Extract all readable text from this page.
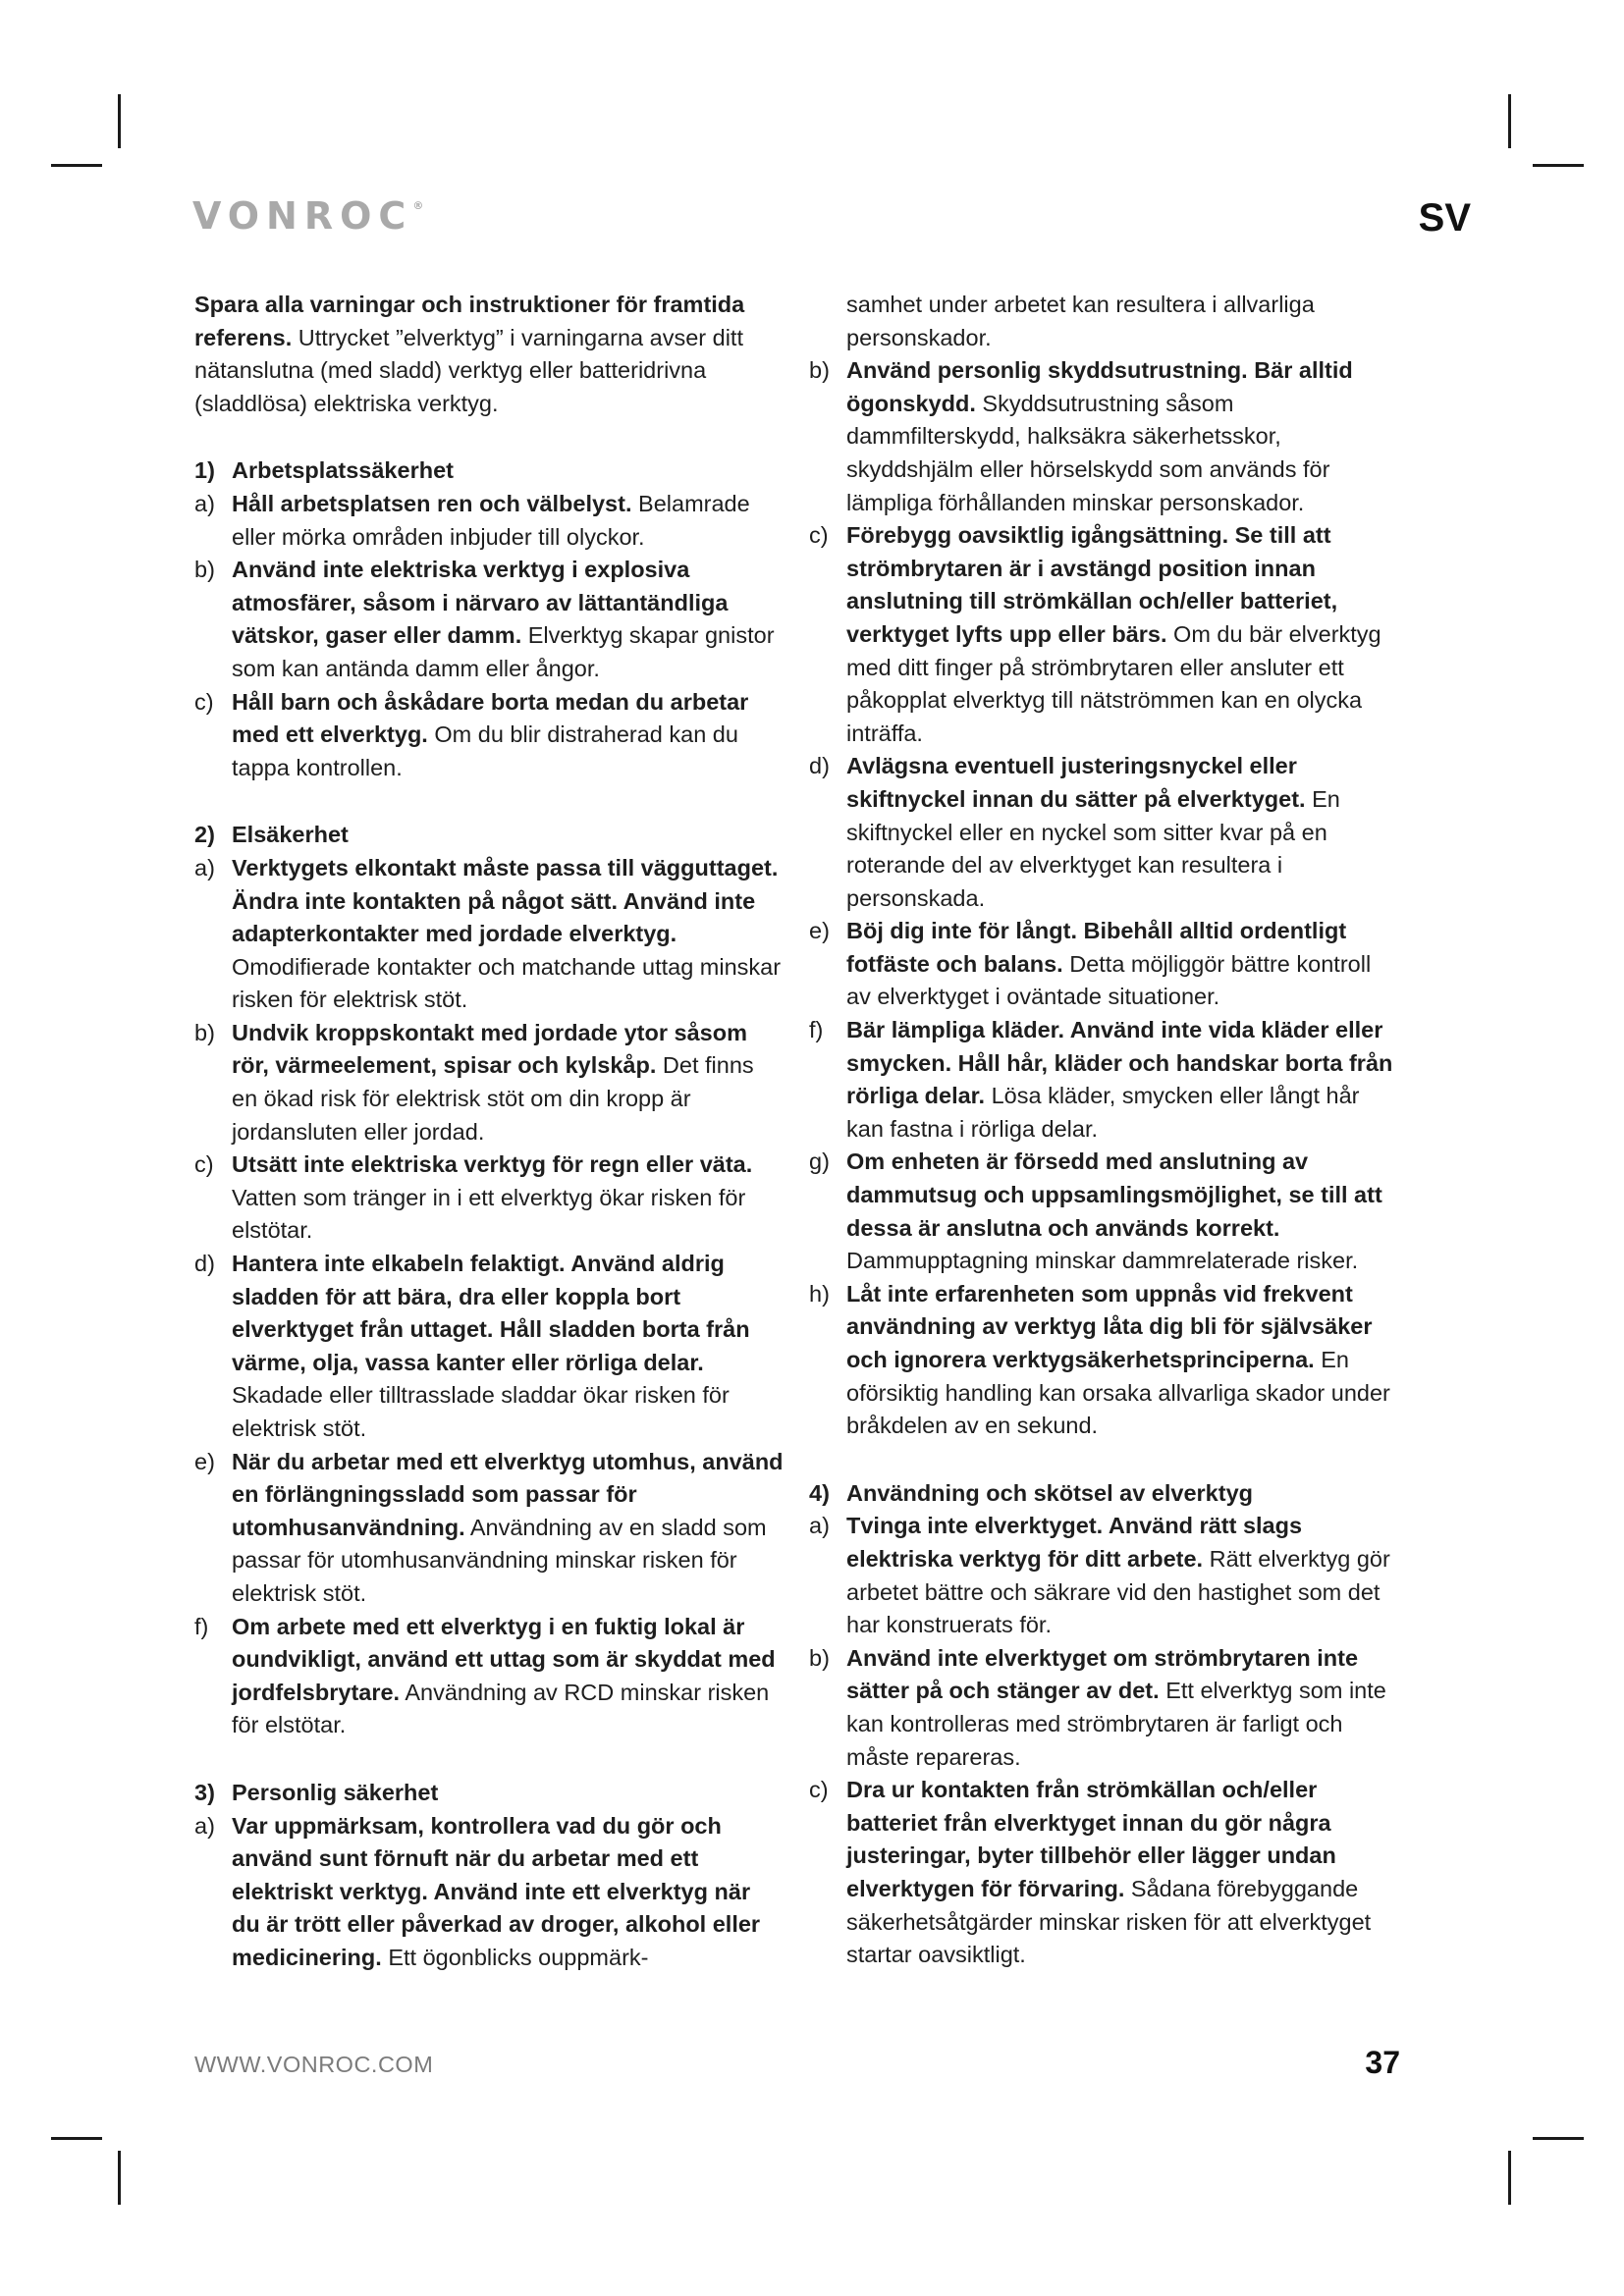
VONROC®	SV

Spara alla varningar och instruktioner för framtida referens. Uttrycket ”elverktyg” i varningarna avser ditt nätanslutna (med sladd) verktyg eller batteridrivna (sladdlösa) elektriska verktyg.

1) Arbetsplatssäkerhet
a) Håll arbetsplatsen ren och välbelyst. Belamrade eller mörka områden inbjuder till olyckor.
b) Använd inte elektriska verktyg i explosiva atmosfärer, såsom i närvaro av lättantändliga vätskor, gaser eller damm. Elverktyg skapar gnistor som kan antända damm eller ångor.
c) Håll barn och åskådare borta medan du arbetar med ett elverktyg. Om du blir distraherad kan du tappa kontrollen.
2) Elsäkerhet
a) Verktygets elkontakt måste passa till vägguttaget. Ändra inte kontakten på något sätt. Använd inte adapterkontakter med jordade elverktyg. Omodifierade kontakter och matchande uttag minskar risken för elektrisk stöt.
b) Undvik kroppskontakt med jordade ytor såsom rör, värmeelement, spisar och kylskåp. Det finns en ökad risk för elektrisk stöt om din kropp är jordansluten eller jordad.
c) Utsätt inte elektriska verktyg för regn eller väta. Vatten som tränger in i ett elverktyg ökar risken för elstötar.
d) Hantera inte elkabeln felaktigt. Använd aldrig sladden för att bära, dra eller koppla bort elverktyget från uttaget. Håll sladden borta från värme, olja, vassa kanter eller rörliga delar. Skadade eller tilltrasslade sladdar ökar risken för elektrisk stöt.
e) När du arbetar med ett elverktyg utomhus, använd en förlängningssladd som passar för utomhusanvändning. Användning av en sladd som passar för utomhusanvändning minskar risken för elektrisk stöt.
f)	Om arbete med ett elverktyg i en fuktig lokal är oundvikligt, använd ett uttag som är skyddat med jordfelsbrytare. Användning av RCD minskar risken för elstötar.
3) Personlig säkerhet
a) Var uppmärksam, kontrollera vad du gör och använd sunt förnuft när du arbetar med ett elektriskt verktyg. Använd inte ett elverktyg när du är trött eller påverkad av droger, alkohol eller medicinering. Ett ögonblicks ouppmärk-
samhet under arbetet kan resultera i allvarliga personskador.
b) Använd personlig skyddsutrustning. Bär alltid ögonskydd. Skyddsutrustning såsom dammfilterskydd, halksäkra säkerhetsskor, skyddshjälm eller hörselskydd som används för lämpliga förhållanden minskar personskador.
c) Förebygg oavsiktlig igångsättning. Se till att strömbrytaren är i avstängd position innan anslutning till strömkällan och/eller batteriet, verktyget lyfts upp eller bärs. Om du bär elverktyg med ditt finger på strömbrytaren eller ansluter ett påkopplat elverktyg till nätströmmen kan en olycka inträffa.
d) Avlägsna eventuell justeringsnyckel eller skiftnyckel innan du sätter på elverktyget. En skiftnyckel eller en nyckel som sitter kvar på en roterande del av elverktyget kan resultera i personskada.
e) Böj dig inte för långt. Bibehåll alltid ordentligt fotfäste och balans. Detta möjliggör bättre kontroll av elverktyget i oväntade situationer.
f)	Bär lämpliga kläder. Använd inte vida kläder eller smycken. Håll hår, kläder och handskar borta från rörliga delar. Lösa kläder, smycken eller långt hår kan fastna i rörliga delar.
g) Om enheten är försedd med anslutning av dammutsug och uppsamlingsmöjlighet, se till att dessa är anslutna och används korrekt. Dammupptagning minskar dammrelaterade risker.
h) Låt inte erfarenheten som uppnås vid frekvent användning av verktyg låta dig bli för självsäker och ignorera verktygsäkerhetsprinciperna. En oförsiktig handling kan orsaka allvarliga skador under bråkdelen av en sekund.
4) Användning och skötsel av elverktyg
a) Tvinga inte elverktyget. Använd rätt slags elektriska verktyg för ditt arbete. Rätt elverktyg gör arbetet bättre och säkrare vid den hastighet som det har konstruerats för.
b) Använd inte elverktyget om strömbrytaren inte sätter på och stänger av det. Ett elverktyg som inte kan kontrolleras med strömbrytaren är farligt och måste repareras.
c) Dra ur kontakten från strömkällan och/eller batteriet från elverktyget innan du gör några justeringar, byter tillbehör eller lägger undan elverktygen för förvaring. Sådana förebyggande säkerhetsåtgärder minskar risken för att elverktyget startar oavsiktligt.
WWW.VONROC.COM	37
